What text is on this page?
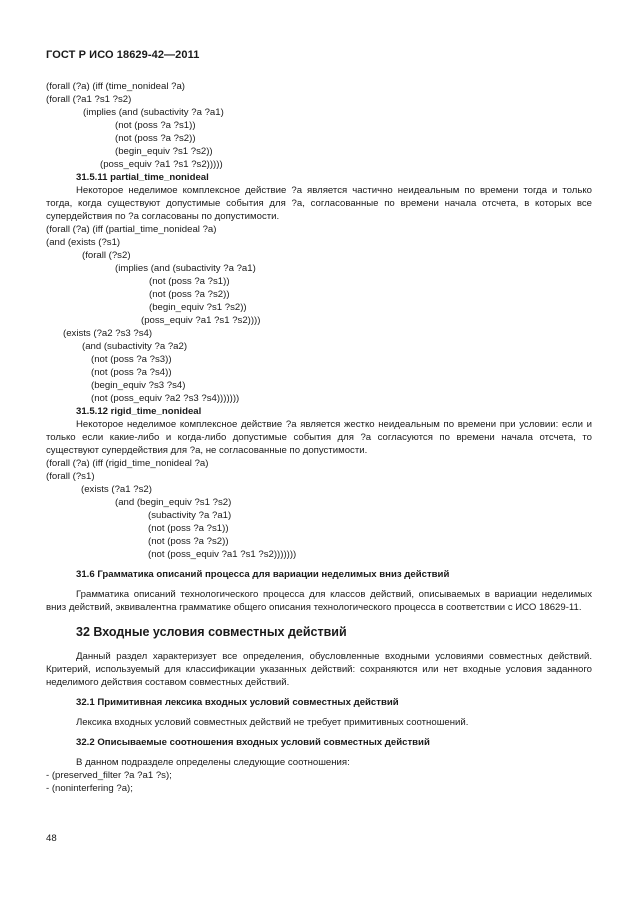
ГОСТ Р ИСО 18629-42—2011
(forall (?a) (iff (time_nonideal ?a)
(forall (?a1 ?s1 ?s2)
(implies (and (subactivity ?a ?a1)
(not (poss ?a ?s1))
(not (poss ?a ?s2))
(begin_equiv ?s1 ?s2))
(poss_equiv ?a1 ?s1 ?s2)))))
31.5.11 partial_time_nonideal
Некоторое неделимое комплексное действие ?a является частично неидеальным по времени тогда и только тогда, когда существуют допустимые события для ?a, согласованные по времени начала отсчета, в которых все супердействия по ?a согласованы по допустимости.
(forall (?a) (iff (partial_time_nonideal ?a)
(and (exists (?s1)
(forall (?s2)
(implies (and (subactivity ?a ?a1)
(not (poss ?a ?s1))
(not (poss ?a ?s2))
(begin_equiv ?s1 ?s2))
(poss_equiv ?a1 ?s1 ?s2))))
(exists (?a2 ?s3 ?s4)
(and (subactivity ?a ?a2)
(not (poss ?a ?s3))
(not (poss ?a ?s4))
(begin_equiv ?s3 ?s4)
(not (poss_equiv ?a2 ?s3 ?s4)))))))
31.5.12 rigid_time_nonideal
Некоторое неделимое комплексное действие ?a является жестко неидеальным по времени при условии: если и только если какие-либо и когда-либо допустимые события для ?a согласуются по времени начала отсчета, то существуют супердействия для ?a, не согласованные по допустимости.
(forall (?a) (iff (rigid_time_nonideal ?a)
(forall (?s1)
(exists (?a1 ?s2)
(and (begin_equiv ?s1 ?s2)
(subactivity ?a ?a1)
(not (poss ?a ?s1))
(not (poss ?a ?s2))
(not (poss_equiv ?a1 ?s1 ?s2)))))))
31.6 Грамматика описаний процесса для вариации неделимых вниз действий
Грамматика описаний технологического процесса для классов действий, описываемых в вариации неделимых вниз действий, эквивалентна грамматике общего описания технологического процесса в соответствии с ИСО 18629-11.
32 Входные условия совместных действий
Данный раздел характеризует все определения, обусловленные входными условиями совместных действий. Критерий, используемый для классификации указанных действий: сохраняются или нет входные условия заданного неделимого действия составом совместных действий.
32.1 Примитивная лексика входных условий совместных действий
Лексика входных условий совместных действий не требует примитивных соотношений.
32.2 Описываемые соотношения входных условий совместных действий
В данном подразделе определены следующие соотношения:
- (preserved_filter ?a ?a1 ?s);
- (noninterfering ?a);
48
